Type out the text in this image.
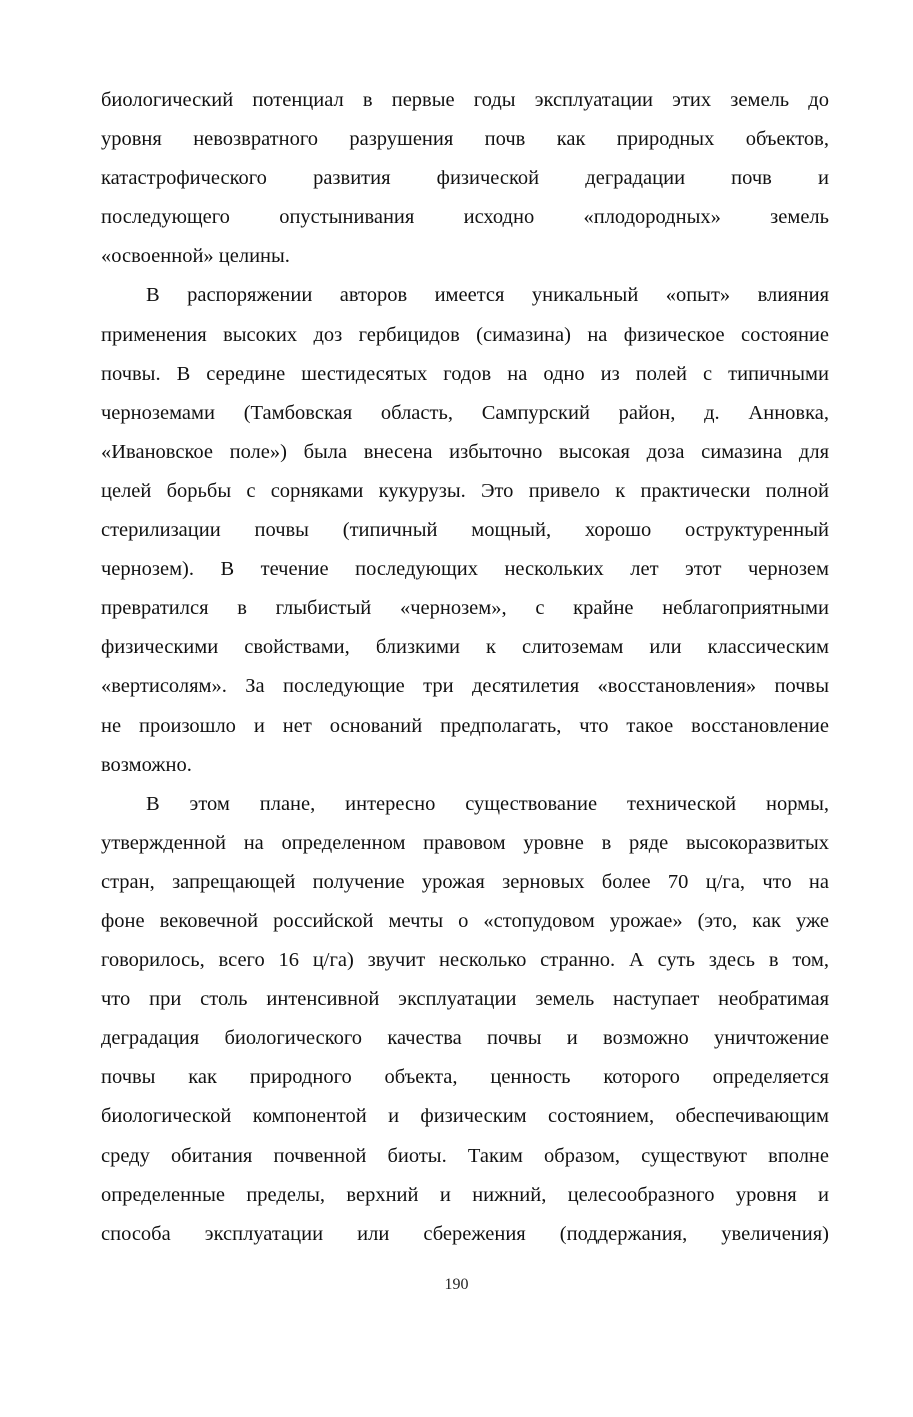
биологический потенциал в первые годы эксплуатации этих земель до
уровня невозвратного разрушения почв как природных объектов,
катастрофического развития физической деградации почв и
последующего опустынивания исходно «плодородных» земель
«освоенной» целины.
В распоряжении авторов имеется уникальный «опыт» влияния
применения высоких доз гербицидов (симазина) на физическое состояние
почвы. В середине шестидесятых годов на одно из полей с типичными
черноземами (Тамбовская область, Сампурский район, д. Анновка,
«Ивановское поле») была внесена избыточно высокая доза симазина для
целей борьбы с сорняками кукурузы. Это привело к практически полной
стерилизации почвы (типичный мощный, хорошо оструктуренный
чернозем). В течение последующих нескольких лет этот чернозем
превратился в глыбистый «чернозем», с крайне неблагоприятными
физическими свойствами, близкими к слитоземам или классическим
«вертисолям». За последующие три десятилетия «восстановления» почвы
не произошло и нет оснований предполагать, что такое восстановление
возможно.
В этом плане, интересно существование технической нормы,
утвержденной на определенном правовом уровне в ряде высокоразвитых
стран, запрещающей получение урожая зерновых более 70 ц/га, что на
фоне вековечной российской мечты о «стопудовом урожае» (это, как уже
говорилось, всего 16 ц/га) звучит несколько странно. А суть здесь в том,
что при столь интенсивной эксплуатации земель наступает необратимая
деградация биологического качества почвы и возможно уничтожение
почвы как природного объекта, ценность которого определяется
биологической компонентой и физическим состоянием, обеспечивающим
среду обитания почвенной биоты. Таким образом, существуют вполне
определенные пределы, верхний и нижний, целесообразного уровня и
способа эксплуатации или сбережения (поддержания, увеличения)
190
